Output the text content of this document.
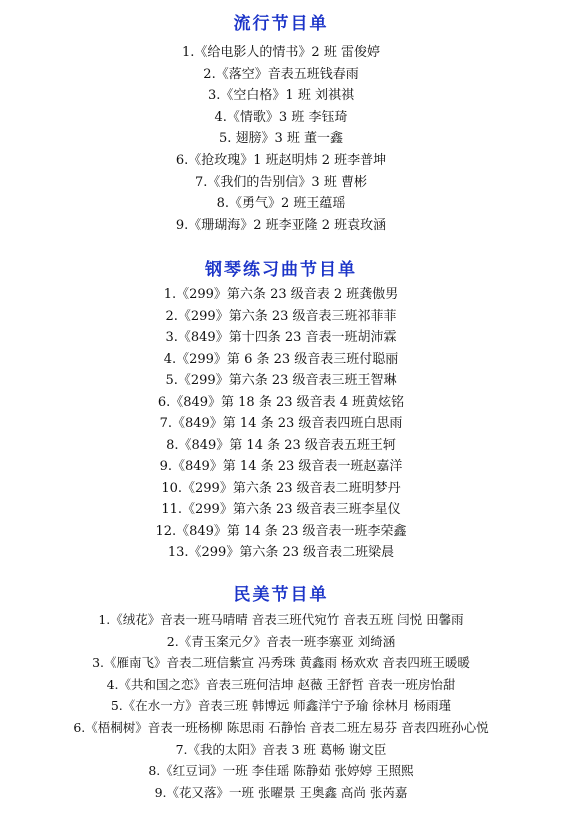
流行节目单
1.《给电影人的情书》2 班 雷俊婷
2.《落空》音表五班钱春雨
3.《空白格》1 班 刘祺祺
4.《情歌》3 班 李钰琦
5. 翅膀》3 班 董一鑫
6.《抢玫瑰》1 班赵明炜 2 班李普坤
7.《我们的告别信》3 班 曹彬
8.《勇气》2 班王蕴瑶
9.《珊瑚海》2 班李亚隆 2 班袁玫涵
钢琴练习曲节目单
1.《299》第六条 23 级音表 2 班龚傲男
2.《299》第六条 23 级音表三班祁菲菲
3.《849》第十四条 23 音表一班胡沛霖
4.《299》第 6 条 23 级音表三班付聪丽
5.《299》第六条 23 级音表三班王智琳
6.《849》第 18 条 23 级音表 4 班黄炫铭
7.《849》第 14 条 23 级音表四班白思雨
8.《849》第 14 条 23 级音表五班王轲
9.《849》第 14 条 23 级音表一班赵嘉洋
10.《299》第六条 23 级音表二班明梦丹
11.《299》第六条 23 级音表三班李星仪
12.《849》第 14 条 23 级音表一班李荣鑫
13.《299》第六条 23 级音表二班梁晨
民美节目单
1.《绒花》音表一班马晴晴 音表三班代宛竹 音表五班 闫悦 田馨雨
2.《青玉案元夕》音表一班李寨亚 刘绮涵
3.《雁南飞》音表二班信紫宣 冯秀珠 黄鑫雨 杨欢欢 音表四班王暖暖
4.《共和国之恋》音表三班何洁坤 赵薇 王舒哲 音表一班房怡甜
5.《在水一方》音表三班 韩博远 师鑫洋宁予瑜 徐林月 杨雨瑾
6.《梧桐树》音表一班杨柳 陈思雨 石静怡 音表二班左易芬 音表四班孙心悦
7.《我的太阳》音表 3 班 葛畅 谢文臣
8.《红豆词》一班 李佳瑶 陈静茹 张婷婷 王照熙
9.《花又落》一班 张曜景 王奥鑫 高尚 张芮嘉
